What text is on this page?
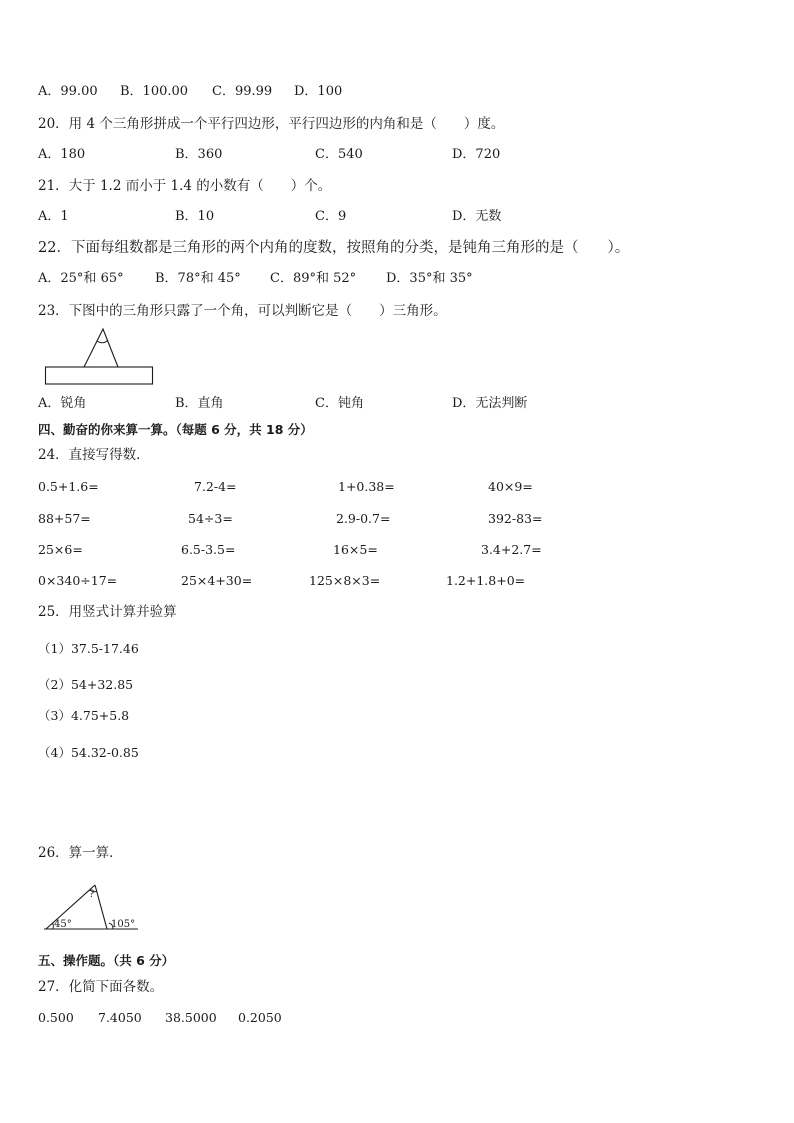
A．99.00 B．100.00 C．99.99 D．100
20．用 4 个三角形拼成一个平行四边形，平行四边形的内角和是（　　）度。
A．180	B．360	C．540	D．720
21．大于 1.2 而小于 1.4 的小数有（　　）个。
A．1	B．10	C．9	D．无数
22．下面每组数都是三角形的两个内角的度数，按照角的分类，是钝角三角形的是（　　）。
A．25°和 65° B．78°和 45° C．89°和 52° D．35°和 35°
23．下图中的三角形只露了一个角，可以判断它是（　　）三角形。
A．锐角	B．直角	C．钝角	D．无法判断
四、勤奋的你来算一算。（每题 6 分，共 18 分）
24．直接写得数．
0.5+1.6=	7.2-4=	1+0.38=	40×9=
88+57=	54÷3=	2.9-0.7=	392-83=
25×6=	6.5-3.5=	16×5=	3.4+2.7=
0×340÷17=	25×4+30=	125×8×3=	1.2+1.8+0=
25．用竖式计算并验算
（1）37.5-17.46
（2）54+32.85
（3）4.75+5.8
（4）54.32-0.85
26．算一算．
45°
?
105°
五、操作题。（共 6 分）
27．化简下面各数。
0.500 7.4050 38.5000 0.2050
